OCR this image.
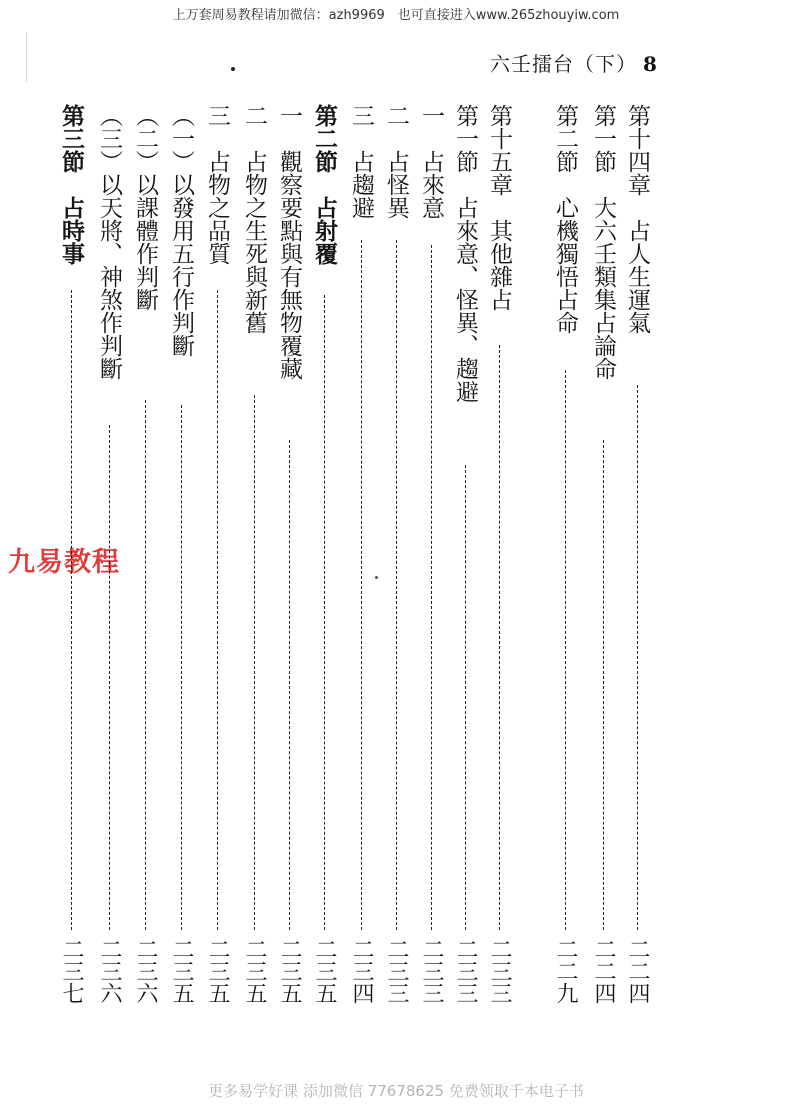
上万套周易教程请加微信：azh9969　也可直接进入www.265zhouyiw.com
六壬擂台（下） 8
九易教程
第十四章　占人生運氣
二二四
第一節　大六壬類集占論命
二二四
第二節　心機獨悟占命
二二九
第十五章　其他雜占
二三三
第一節　占來意、怪異、趨避
二三三
一　占來意
二三三
二　占怪異
二三三
三　占趨避
二三四
第二節　占射覆
二三五
一　觀察要點與有無物覆藏
二三五
二　占物之生死與新舊
二三五
三　占物之品質
二三五
（一）以發用五行作判斷
二三五
（二）以課體作判斷
二三六
（三）以天將、神煞作判斷
二三六
第三節　占時事
二三七
更多易学好课 添加微信 77678625 免费领取千本电子书
